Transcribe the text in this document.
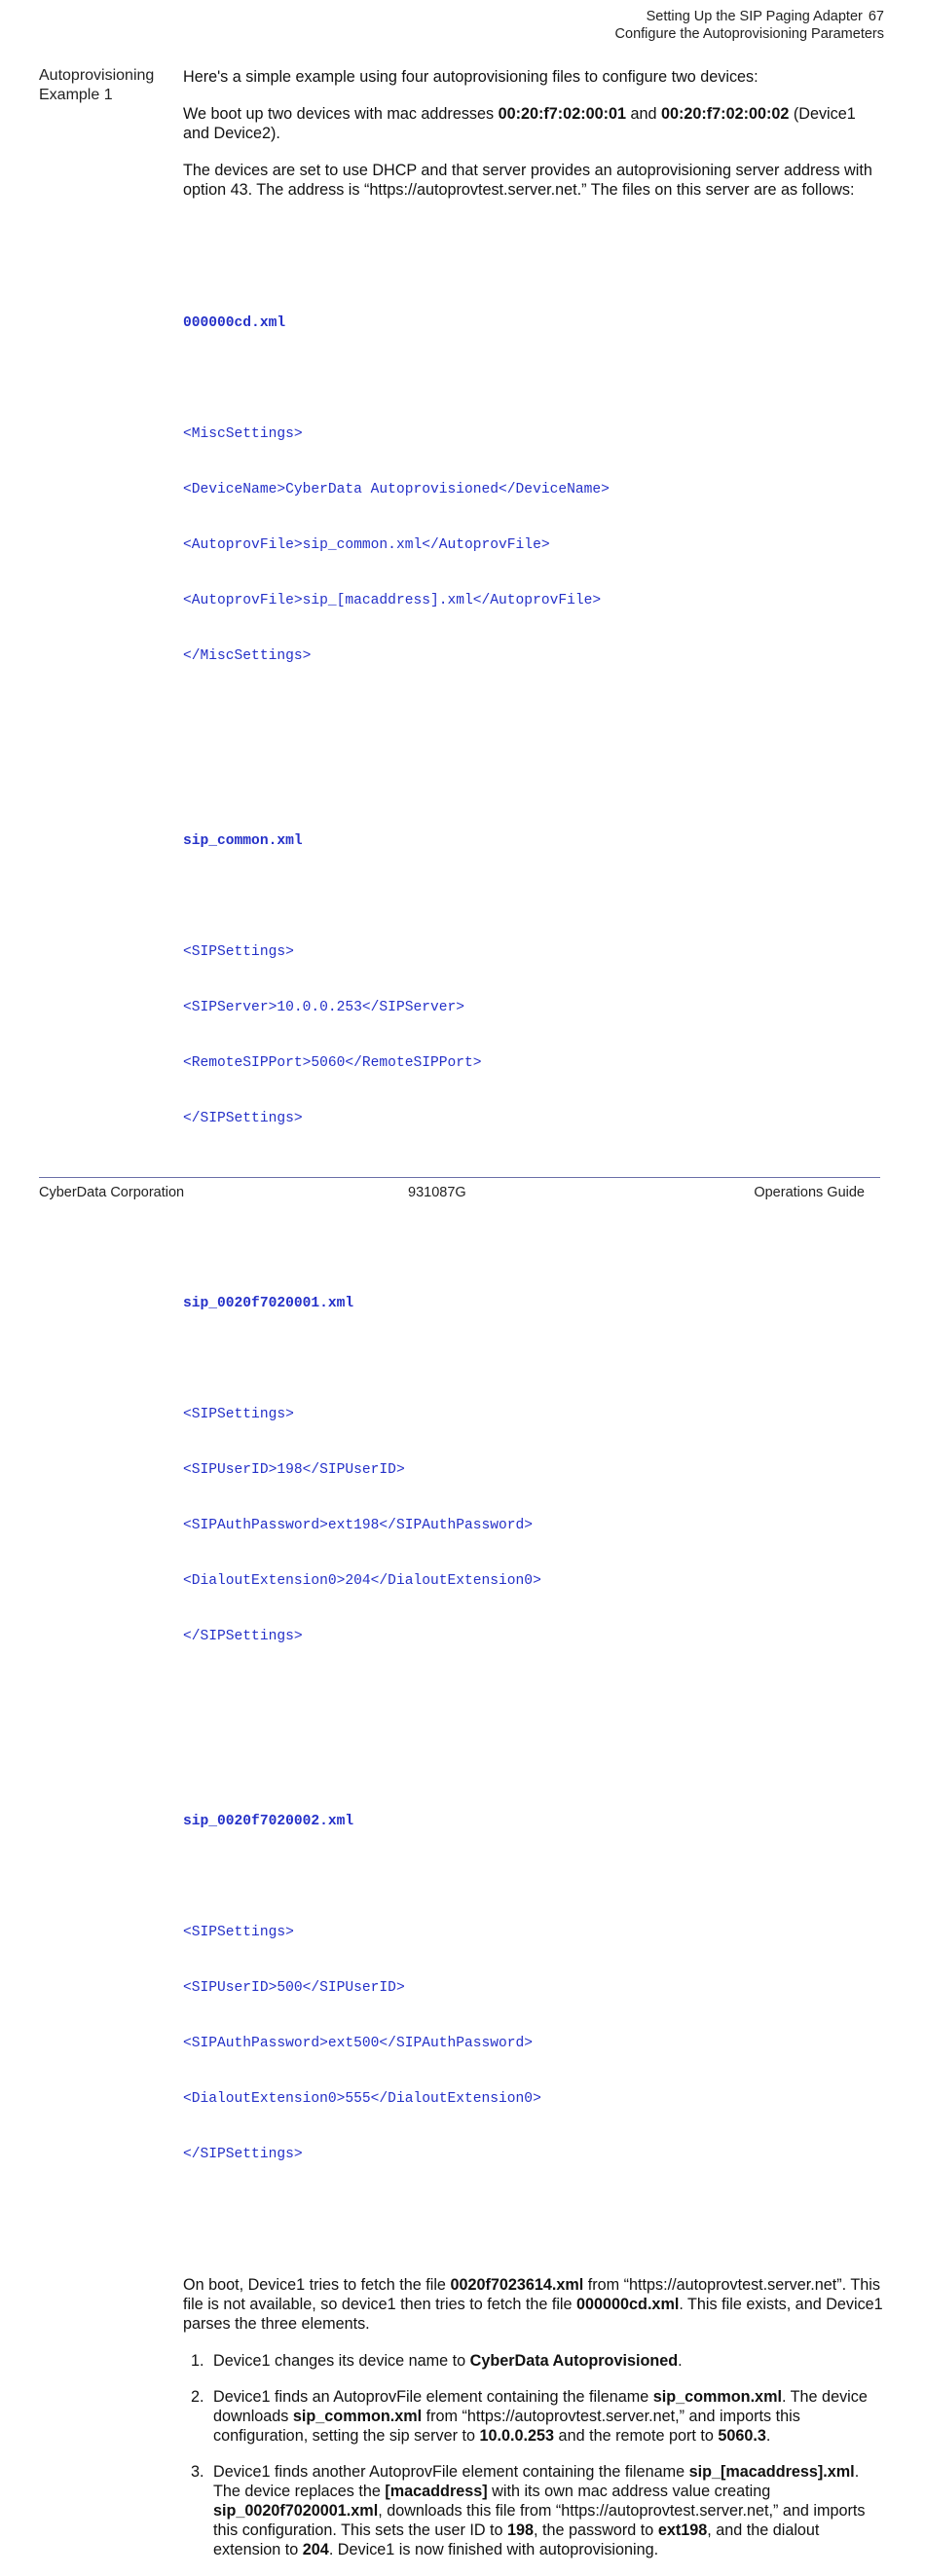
Setting Up the SIP Paging Adapter 67
Configure the Autoprovisioning Parameters
Autoprovisioning
Example 1

Here's a simple example using four autoprovisioning files to configure two devices:

We boot up two devices with mac addresses 00:20:f7:02:00:01 and 00:20:f7:02:00:02 (Device1 and Device2).

The devices are set to use DHCP and that server provides an autoprovisioning server address with option 43. The address is “https://autoprovtest.server.net.” The files on this server are as follows:

000000cd.xml

<MiscSettings>

<DeviceName>CyberData Autoprovisioned</DeviceName>

<AutoprovFile>sip_common.xml</AutoprovFile>

<AutoprovFile>sip_[macaddress].xml</AutoprovFile>

</MiscSettings>

sip_common.xml

<SIPSettings>

<SIPServer>10.0.0.253</SIPServer>

<RemoteSIPPort>5060</RemoteSIPPort>

</SIPSettings>

sip_0020f7020001.xml

<SIPSettings>

<SIPUserID>198</SIPUserID>

<SIPAuthPassword>ext198</SIPAuthPassword>

<DialoutExtension0>204</DialoutExtension0>

</SIPSettings>

sip_0020f7020002.xml

<SIPSettings>

<SIPUserID>500</SIPUserID>

<SIPAuthPassword>ext500</SIPAuthPassword>

<DialoutExtension0>555</DialoutExtension0>

</SIPSettings>

On boot, Device1 tries to fetch the file 0020f7023614.xml from “https://autoprovtest.server.net”. This file is not available, so device1 then tries to fetch the file 000000cd.xml. This file exists, and Device1 parses the three elements.

1. Device1 changes its device name to CyberData Autoprovisioned.
2. Device1 finds an AutoprovFile element containing the filename sip_common.xml. The device downloads sip_common.xml from “https://autoprovtest.server.net,” and imports this configuration, setting the sip server to 10.0.0.253 and the remote port to 5060.3.
3. Device1 finds another AutoprovFile element containing the filename sip_[macaddress].xml. The device replaces the [macaddress] with its own mac address value creating sip_0020f7020001.xml, downloads this file from “https://autoprovtest.server.net,” and imports this configuration. This sets the user ID to 198, the password to ext198, and the dialout extension to 204. Device1 is now finished with autoprovisioning.
CyberData Corporation	931087G	Operations Guide
